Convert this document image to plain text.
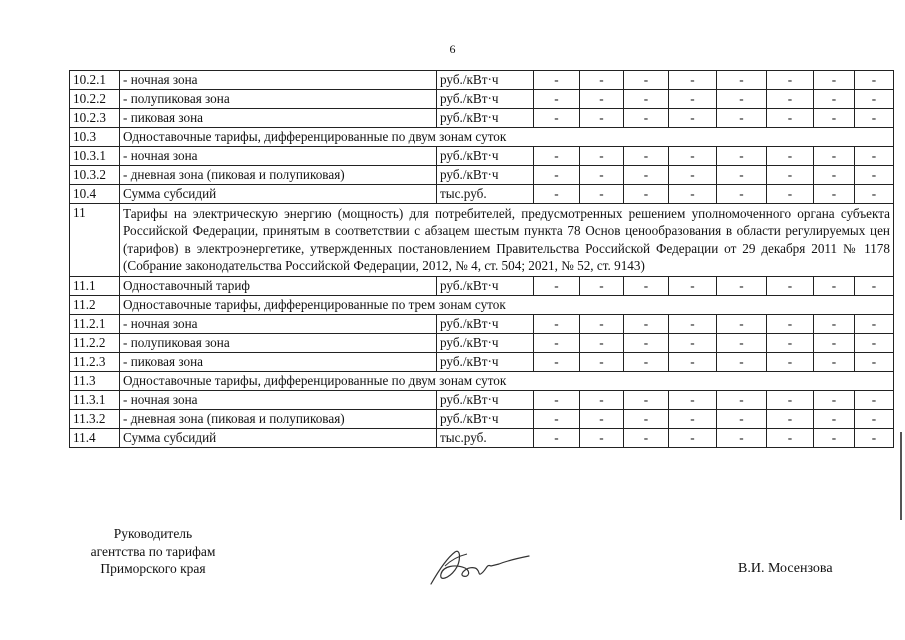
6
10.2.1	- ночная зона	руб./кВт·ч	-	-	-	-	-	-	-	-
10.2.2	- полупиковая зона	руб./кВт·ч	-	-	-	-	-	-	-	-
10.2.3	- пиковая зона	руб./кВт·ч	-	-	-	-	-	-	-	-
10.3	Одноставочные тарифы, дифференцированные по двум зонам суток									
10.3.1	- ночная зона	руб./кВт·ч	-	-	-	-	-	-	-	-
10.3.2	- дневная зона (пиковая и полупиковая)	руб./кВт·ч	-	-	-	-	-	-	-	-
10.4	Сумма субсидий	тыс.руб.	-	-	-	-	-	-	-	-
11	Тарифы на электрическую энергию (мощность) для потребителей, предусмотренных решением уполномоченного органа субъекта Российской Федерации, принятым в соответствии с абзацем шестым пункта 78 Основ ценообразования в области регулируемых цен (тарифов) в электроэнергетике, утвержденных постановлением Правительства Российской Федерации от 29 декабря 2011 № 1178 (Собрание законодательства Российской Федерации, 2012, № 4, ст. 504; 2021, № 52, ст. 9143)									
11.1	Одноставочный тариф	руб./кВт·ч	-	-	-	-	-	-	-	-
11.2	Одноставочные тарифы, дифференцированные по трем зонам суток									
11.2.1	- ночная зона	руб./кВт·ч	-	-	-	-	-	-	-	-
11.2.2	- полупиковая зона	руб./кВт·ч	-	-	-	-	-	-	-	-
11.2.3	- пиковая зона	руб./кВт·ч	-	-	-	-	-	-	-	-
11.3	Одноставочные тарифы, дифференцированные по двум зонам суток									
11.3.1	- ночная зона	руб./кВт·ч	-	-	-	-	-	-	-	-
11.3.2	- дневная зона (пиковая и полупиковая)	руб./кВт·ч	-	-	-	-	-	-	-	-
11.4	Сумма субсидий	тыс.руб.	-	-	-	-	-	-	-	-
Руководитель
агентства по тарифам
Приморского края	В.И. Мосензова
